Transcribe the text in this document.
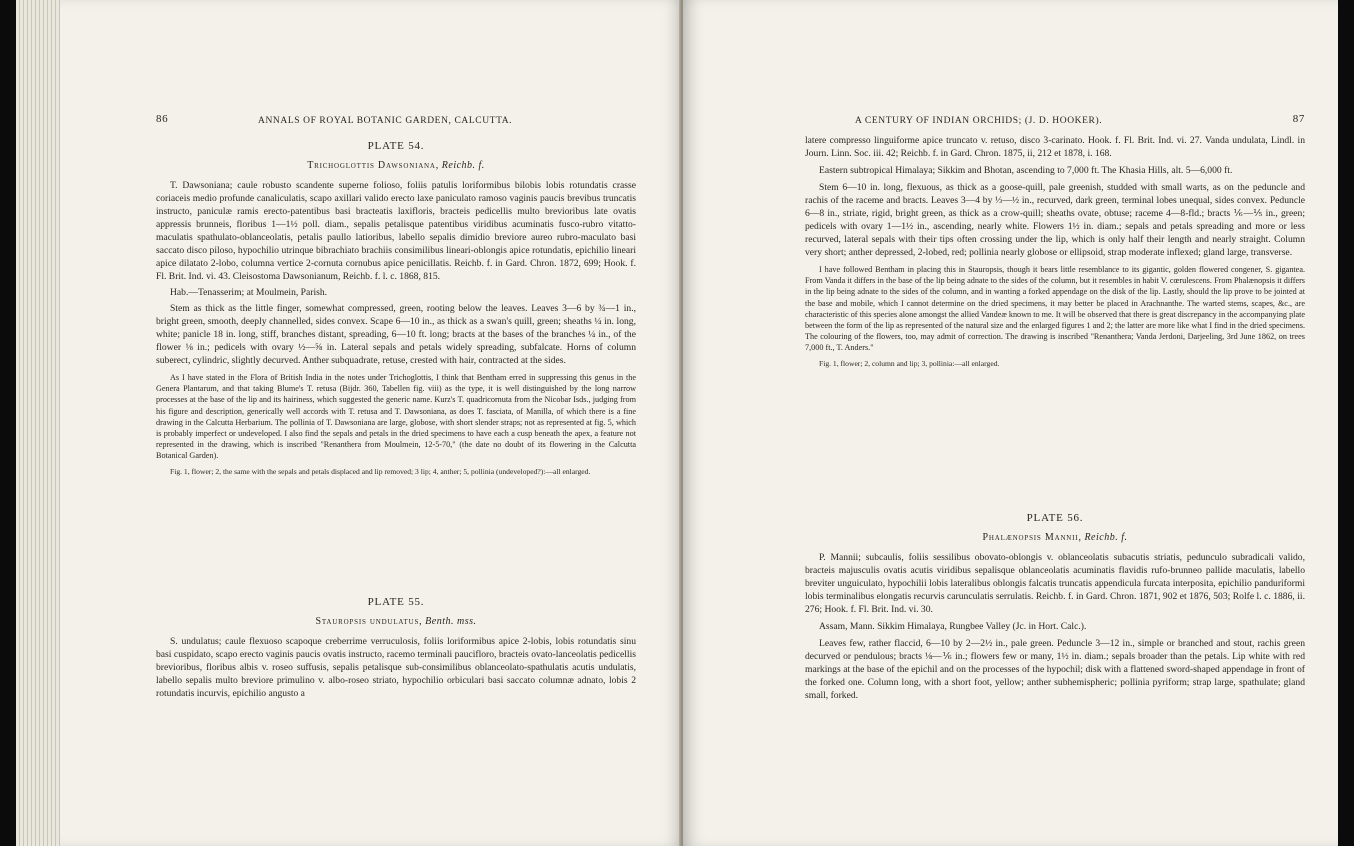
86	ANNALS OF ROYAL BOTANIC GARDEN, CALCUTTA.

PLATE 54.

Trichoglottis Dawsoniana, Reichb. f.

T. Dawsoniana; caule robusto scandente superne folioso, foliis patulis loriformibus bilobis lobis rotundatis crasse coriaceis medio profunde canaliculatis, scapo axillari valido erecto laxe paniculato ramoso vaginis paucis brevibus truncatis instructo, paniculæ ramis erecto-patentibus basi bracteatis laxifloris, bracteis pedicellis multo brevioribus late ovatis appressis brunneis, floribus 1—1½ poll. diam., sepalis petalisque patentibus viridibus acuminatis fusco-rubro vitatto-maculatis spathulato-oblanceolatis, petalis paullo latioribus, labello sepalis dimidio breviore aureo rubro-maculato basi saccato disco piloso, hypochilio utrinque bibrachiato brachiis consimilibus lineari-oblongis apice rotundatis, epichilio lineari apice dilatato 2-lobo, columna vertice 2-cornuta cornubus apice penicillatis. Reichb. f. in Gard. Chron. 1872, 699; Hook. f. Fl. Brit. Ind. vi. 43. Cleisostoma Dawsonianum, Reichb. f. l. c. 1868, 815.

Hab.—Tenasserim; at Moulmein, Parish.

Stem as thick as the little finger, somewhat compressed, green, rooting below the leaves. Leaves 3—6 by ¾—1 in., bright green, smooth, deeply channelled, sides convex. Scape 6—10 in., as thick as a swan's quill, green; sheaths ¼ in. long, white; panicle 18 in. long, stiff, branches distant, spreading, 6—10 ft. long; bracts at the bases of the branches ¼ in., of the flower ⅛ in.; pedicels with ovary ½—⅝ in. Lateral sepals and petals widely spreading, subfalcate. Horns of column suberect, cylindric, slightly decurved. Anther subquadrate, retuse, crested with hair, contracted at the sides.

As I have stated in the Flora of British India in the notes under Trichoglottis, I think that Bentham erred in suppressing this genus in the Genera Plantarum, and that taking Blume's T. retusa (Bijdr. 360, Tabellen fig. viii) as the type, it is well distinguished by the long narrow processes at the base of the lip and its hairiness, which suggested the generic name. Kurz's T. quadricornuta from the Nicobar Isds., judging from his figure and description, generically well accords with T. retusa and T. Dawsoniana, as does T. fasciata, of Manilla, of which there is a fine drawing in the Calcutta Herbarium. The pollinia of T. Dawsoniana are large, globose, with short slender straps; not as represented at fig. 5, which is probably imperfect or undeveloped. I also find the sepals and petals in the dried specimens to have each a cusp beneath the apex, a feature not represented in the drawing, which is inscribed "Renanthera from Moulmein, 12-5-70," (the date no doubt of its flowering in the Calcutta Botanical Garden).

Fig. 1, flower; 2, the same with the sepals and petals displaced and lip removed; 3 lip; 4, anther; 5, pollinia (undeveloped?):—all enlarged.

PLATE 55.

Stauropsis undulatus, Benth. mss.

S. undulatus; caule flexuoso scapoque creberrime verruculosis, foliis loriformibus apice 2-lobis, lobis rotundatis sinu basi cuspidato, scapo erecto vaginis paucis ovatis instructo, racemo terminali paucifloro, bracteis ovato-lanceolatis pedicellis brevioribus, floribus albis v. roseo suffusis, sepalis petalisque sub-consimilibus oblanceolato-spathulatis acutis undulatis, labello sepalis multo breviore primulino v. albo-roseo striato, hypochilio orbiculari basi saccato columnæ adnato, lobis 2 rotundatis incurvis, epichilio angusto a

A CENTURY OF INDIAN ORCHIDS; (J. D. HOOKER).	87

latere compresso linguiforme apice truncato v. retuso, disco 3-carinato. Hook. f. Fl. Brit. Ind. vi. 27. Vanda undulata, Lindl. in Journ. Linn. Soc. iii. 42; Reichb. f. in Gard. Chron. 1875, ii, 212 et 1878, i. 168.

Eastern subtropical Himalaya; Sikkim and Bhotan, ascending to 7,000 ft. The Khasia Hills, alt. 5—6,000 ft.

Stem 6—10 in. long, flexuous, as thick as a goose-quill, pale greenish, studded with small warts, as on the peduncle and rachis of the raceme and bracts. Leaves 3—4 by ⅓—½ in., recurved, dark green, terminal lobes unequal, sides convex. Peduncle 6—8 in., striate, rigid, bright green, as thick as a crow-quill; sheaths ovate, obtuse; raceme 4—8-fld.; bracts ⅙—⅕ in., green; pedicels with ovary 1—1½ in., ascending, nearly white. Flowers 1½ in. diam.; sepals and petals spreading and more or less recurved, lateral sepals with their tips often crossing under the lip, which is only half their length and nearly straight. Column very short; anther depressed, 2-lobed, red; pollinia nearly globose or ellipsoid, strap moderate inflexed; gland large, transverse.

I have followed Bentham in placing this in Stauropsis, though it bears little resemblance to its gigantic, golden flowered congener, S. gigantea. From Vanda it differs in the base of the lip being adnate to the sides of the column, but it resembles in habit V. cœrulescens. From Phalænopsis it differs in the lip being adnate to the sides of the column, and in wanting a forked appendage on the disk of the lip. Lastly, should the lip prove to be jointed at the base and mobile, which I cannot determine on the dried specimens, it may better be placed in Arachnanthe. The warted stems, scapes, &c., are characteristic of this species alone amongst the allied Vandeæ known to me. It will be observed that there is great discrepancy in the accompanying plate between the form of the lip as represented of the natural size and the enlarged figures 1 and 2; the latter are more like what I find in the dried specimens. The colouring of the flowers, too, may admit of correction. The drawing is inscribed "Renanthera; Vanda Jerdoni, Darjeeling, 3rd June 1862, on trees 7,000 ft., T. Anders."

Fig. 1, flower; 2, column and lip; 3, pollinia:—all enlarged.

PLATE 56.

Phalænopsis Mannii, Reichb. f.

P. Mannii; subcaulis, foliis sessilibus obovato-oblongis v. oblanceolatis subacutis striatis, pedunculo subradicali valido, bracteis majusculis ovatis acutis viridibus sepalisque oblanceolatis acuminatis flavidis rufo-brunneo pallide maculatis, labello breviter unguiculato, hypochilii lobis lateralibus oblongis falcatis truncatis appendicula furcata interposita, epichilio panduriformi lobis terminalibus elongatis recurvis carunculatis serrulatis. Reichb. f. in Gard. Chron. 1871, 902 et 1876, 503; Rolfe l. c. 1886, ii. 276; Hook. f. Fl. Brit. Ind. vi. 30.

Assam, Mann. Sikkim Himalaya, Rungbee Valley (Jc. in Hort. Calc.).

Leaves few, rather flaccid, 6—10 by 2—2½ in., pale green. Peduncle 3—12 in., simple or branched and stout, rachis green decurved or pendulous; bracts ⅛—⅙ in.; flowers few or many, 1½ in. diam.; sepals broader than the petals. Lip white with red markings at the base of the epichil and on the processes of the hypochil; disk with a flattened sword-shaped appendage in front of the forked one. Column long, with a short foot, yellow; anther subhemispheric; pollinia pyriform; strap large, spathulate; gland small, forked.
